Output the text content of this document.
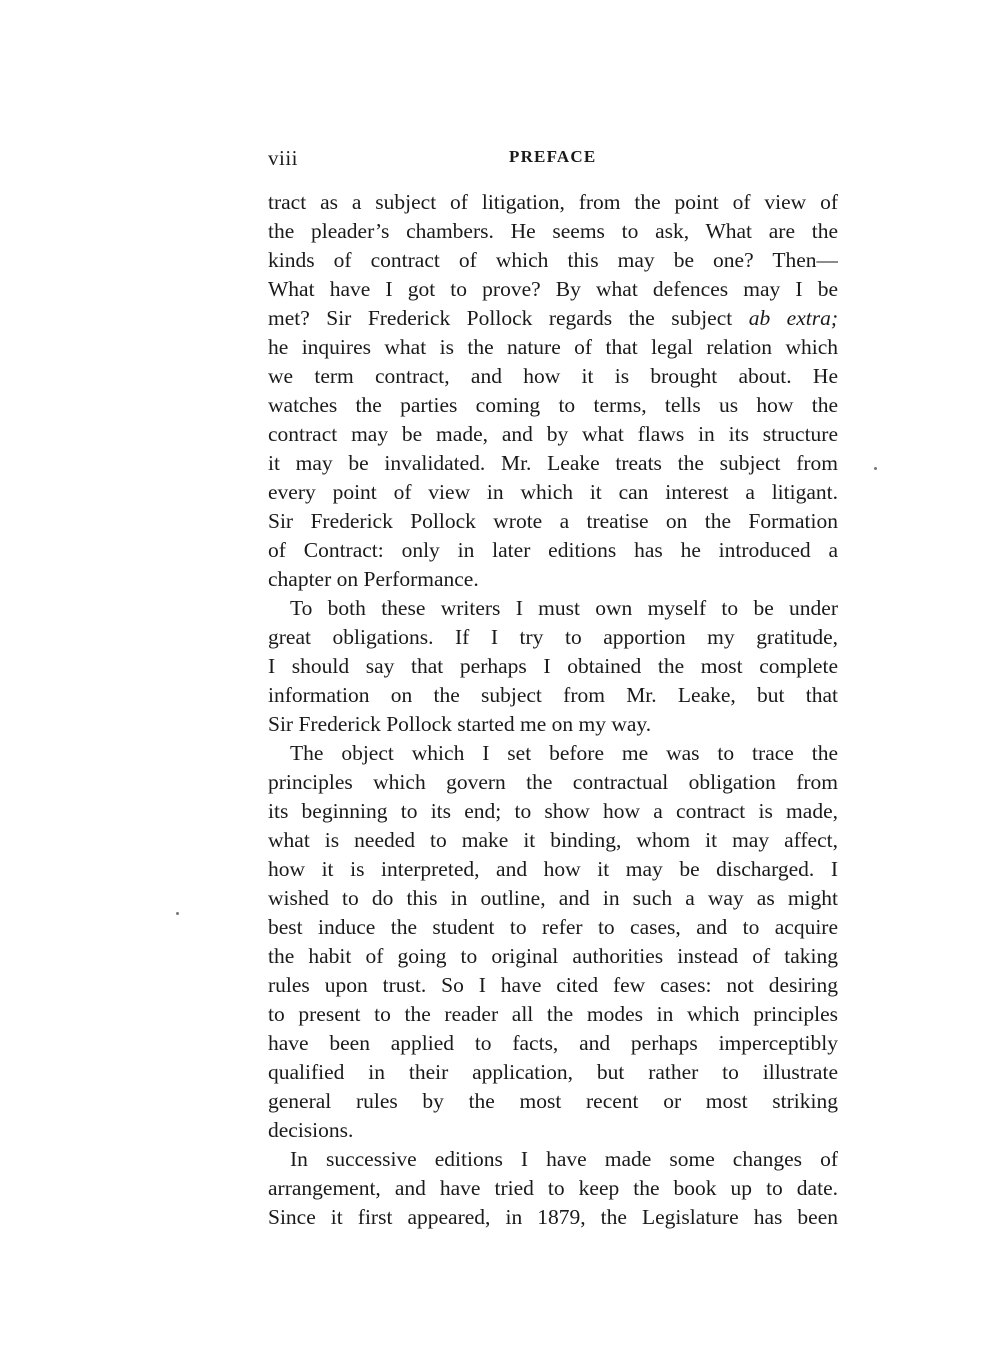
viii	PREFACE
tract as a subject of litigation, from the point of view of
the pleader’s chambers. He seems to ask, What are the
kinds of contract of which this may be one? Then—
What have I got to prove? By what defences may I be
met? Sir Frederick Pollock regards the subject ab extra;
he inquires what is the nature of that legal relation which
we term contract, and how it is brought about. He
watches the parties coming to terms, tells us how the
contract may be made, and by what flaws in its structure
it may be invalidated. Mr. Leake treats the subject from
every point of view in which it can interest a litigant.
Sir Frederick Pollock wrote a treatise on the Formation
of Contract: only in later editions has he introduced a
chapter on Performance.
To both these writers I must own myself to be under
great obligations. If I try to apportion my gratitude,
I should say that perhaps I obtained the most complete
information on the subject from Mr. Leake, but that
Sir Frederick Pollock started me on my way.
The object which I set before me was to trace the
principles which govern the contractual obligation from
its beginning to its end; to show how a contract is made,
what is needed to make it binding, whom it may affect,
how it is interpreted, and how it may be discharged. I
wished to do this in outline, and in such a way as might
best induce the student to refer to cases, and to acquire
the habit of going to original authorities instead of taking
rules upon trust. So I have cited few cases: not desiring
to present to the reader all the modes in which principles
have been applied to facts, and perhaps imperceptibly
qualified in their application, but rather to illustrate
general rules by the most recent or most striking
decisions.
In successive editions I have made some changes of
arrangement, and have tried to keep the book up to date.
Since it first appeared, in 1879, the Legislature has been
